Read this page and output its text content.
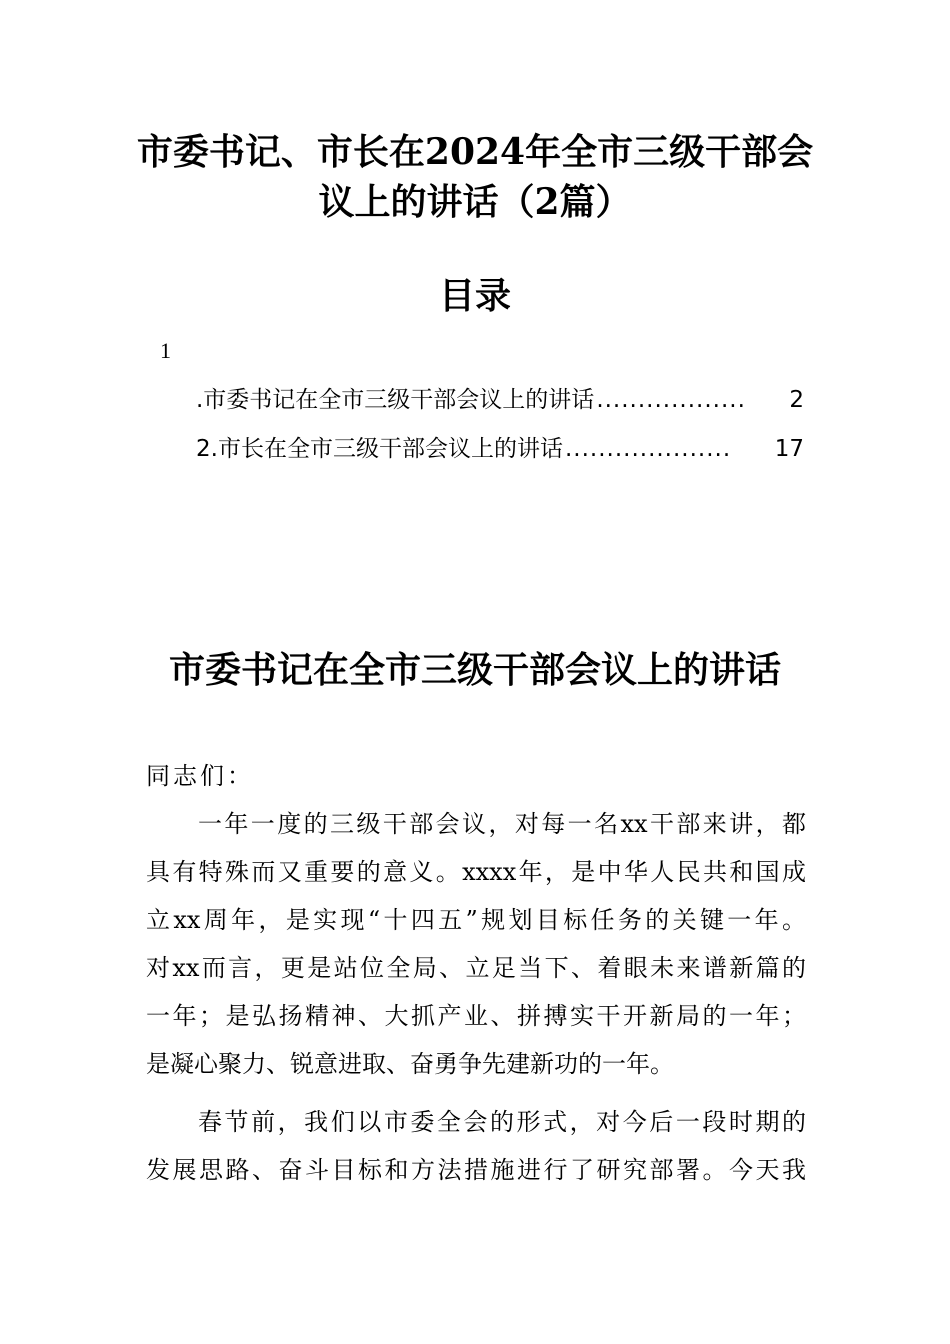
市委书记、市长在2024年全市三级干部会
议上的讲话（2篇）
目录
1
.市委书记在全市三级干部会议上的讲话 ..................	2
2.市长在全市三级干部会议上的讲话 ....................	17
市委书记在全市三级干部会议上的讲话
同志们：
一年一度的三级干部会议，对每一名xx干部来讲，都
具有特殊而又重要的意义。xxxx年，是中华人民共和国成
立xx周年，是实现“十四五”规划目标任务的关键一年。
对xx而言，更是站位全局、立足当下、着眼未来谱新篇的
一年；是弘扬精神、大抓产业、拼搏实干开新局的一年；
是凝心聚力、锐意进取、奋勇争先建新功的一年。
春节前，我们以市委全会的形式，对今后一段时期的
发展思路、奋斗目标和方法措施进行了研究部署。今天我
